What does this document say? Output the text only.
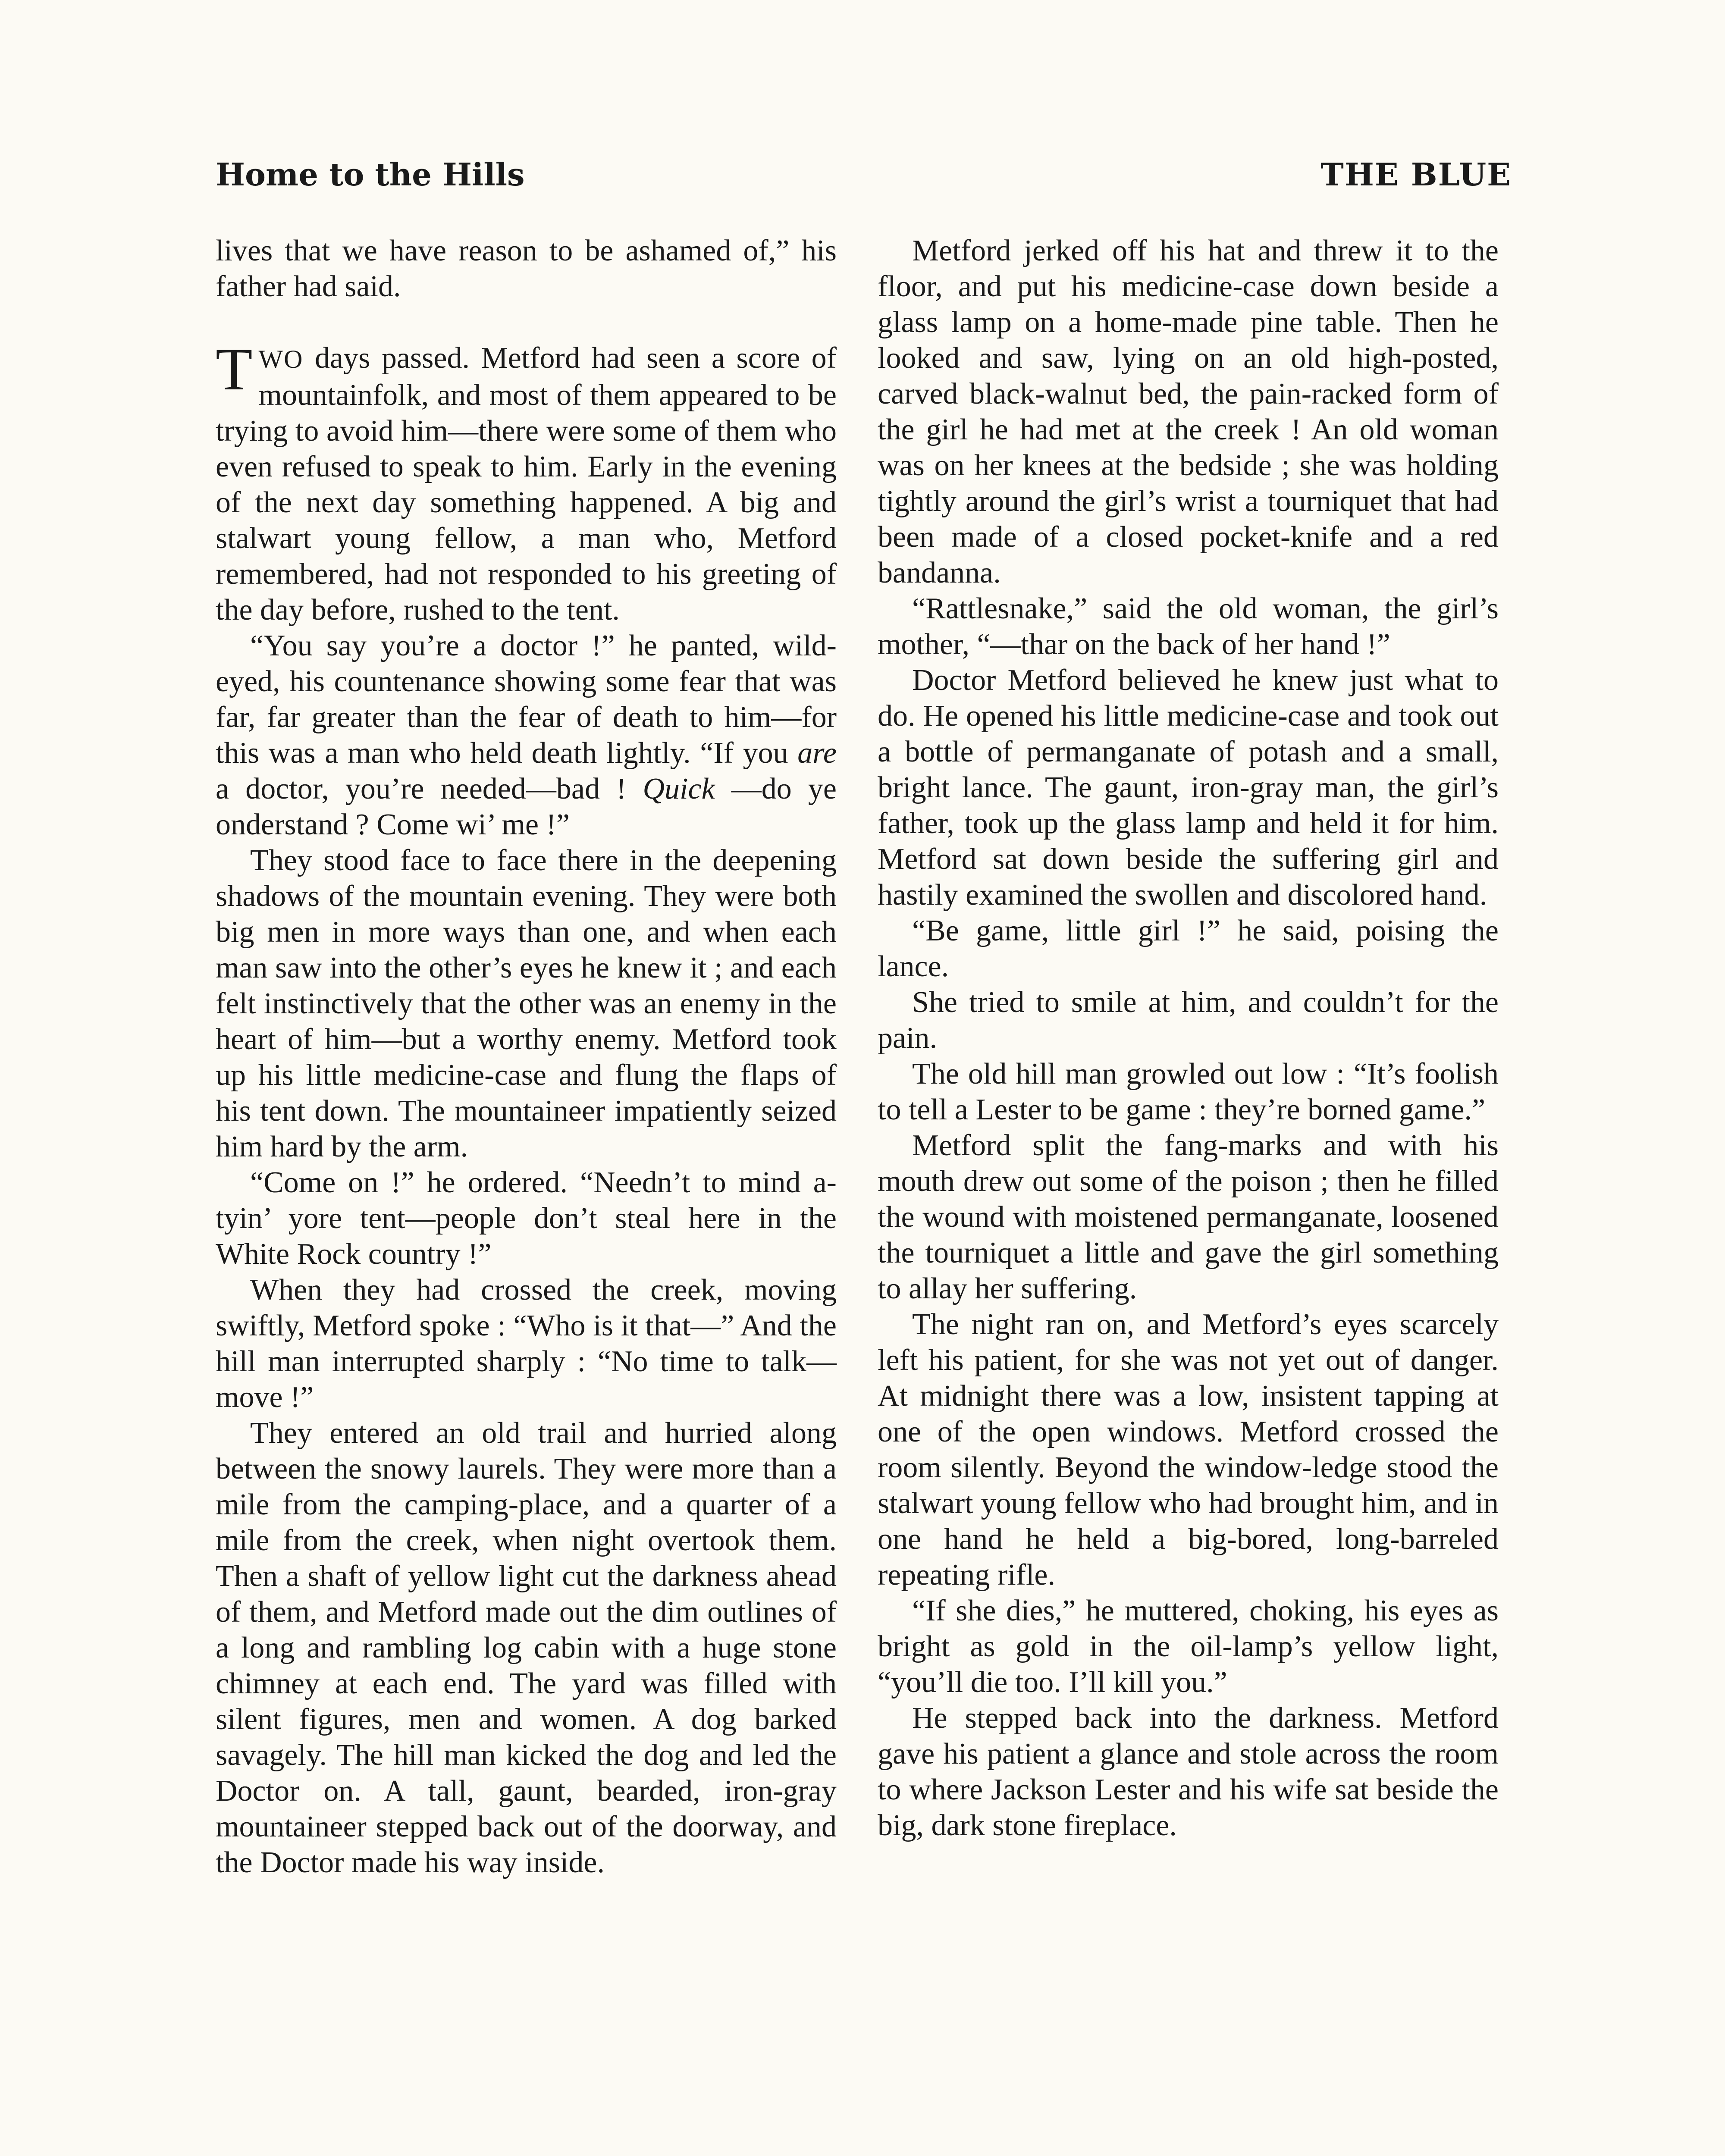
Home to the Hills	THE BLUE

lives that we have reason to be ashamed of,” his father had said.

TWO days passed. Metford had seen a score of mountainfolk, and most of them appeared to be trying to avoid him—there were some of them who even refused to speak to him. Early in the evening of the next day something happened. A big and stalwart young fellow, a man who, Metford remembered, had not responded to his greeting of the day before, rushed to the tent.

“You say you’re a doctor !” he panted, wild-eyed, his countenance showing some fear that was far, far greater than the fear of death to him—for this was a man who held death lightly. “If you are a doctor, you’re needed—bad ! Quick —do ye onderstand ? Come wi’ me !”

They stood face to face there in the deepening shadows of the mountain evening. They were both big men in more ways than one, and when each man saw into the other’s eyes he knew it ; and each felt instinctively that the other was an enemy in the heart of him—but a worthy enemy. Metford took up his little medicine-case and flung the flaps of his tent down. The mountaineer impatiently seized him hard by the arm.

“Come on !” he ordered. “Needn’t to mind a-tyin’ yore tent—people don’t steal here in the White Rock country !”

When they had crossed the creek, moving swiftly, Metford spoke : “Who is it that—” And the hill man interrupted sharply : “No time to talk—move !”

They entered an old trail and hurried along between the snowy laurels. They were more than a mile from the camping-place, and a quarter of a mile from the creek, when night overtook them. Then a shaft of yellow light cut the darkness ahead of them, and Metford made out the dim outlines of a long and rambling log cabin with a huge stone chimney at each end. The yard was filled with silent figures, men and women. A dog barked savagely. The hill man kicked the dog and led the Doctor on. A tall, gaunt, bearded, iron-gray mountaineer stepped back out of the doorway, and the Doctor made his way inside.

Metford jerked off his hat and threw it to the floor, and put his medicine-case down beside a glass lamp on a home-made pine table. Then he looked and saw, lying on an old high-posted, carved black-walnut bed, the pain-racked form of the girl he had met at the creek ! An old woman was on her knees at the bedside ; she was holding tightly around the girl’s wrist a tourniquet that had been made of a closed pocket-knife and a red bandanna.

“Rattlesnake,” said the old woman, the girl’s mother, “—thar on the back of her hand !”

Doctor Metford believed he knew just what to do. He opened his little medicine-case and took out a bottle of permanganate of potash and a small, bright lance. The gaunt, iron-gray man, the girl’s father, took up the glass lamp and held it for him. Metford sat down beside the suffering girl and hastily examined the swollen and discolored hand.

“Be game, little girl !” he said, poising the lance.

She tried to smile at him, and couldn’t for the pain.

The old hill man growled out low : “It’s foolish to tell a Lester to be game : they’re borned game.”

Metford split the fang-marks and with his mouth drew out some of the poison ; then he filled the wound with moistened permanganate, loosened the tourniquet a little and gave the girl something to allay her suffering.

The night ran on, and Metford’s eyes scarcely left his patient, for she was not yet out of danger. At midnight there was a low, insistent tapping at one of the open windows. Metford crossed the room silently. Beyond the window-ledge stood the stalwart young fellow who had brought him, and in one hand he held a big-bored, long-barreled repeating rifle.

“If she dies,” he muttered, choking, his eyes as bright as gold in the oil-lamp’s yellow light, “you’ll die too. I’ll kill you.”

He stepped back into the darkness. Metford gave his patient a glance and stole across the room to where Jackson Lester and his wife sat beside the big, dark stone fireplace.
